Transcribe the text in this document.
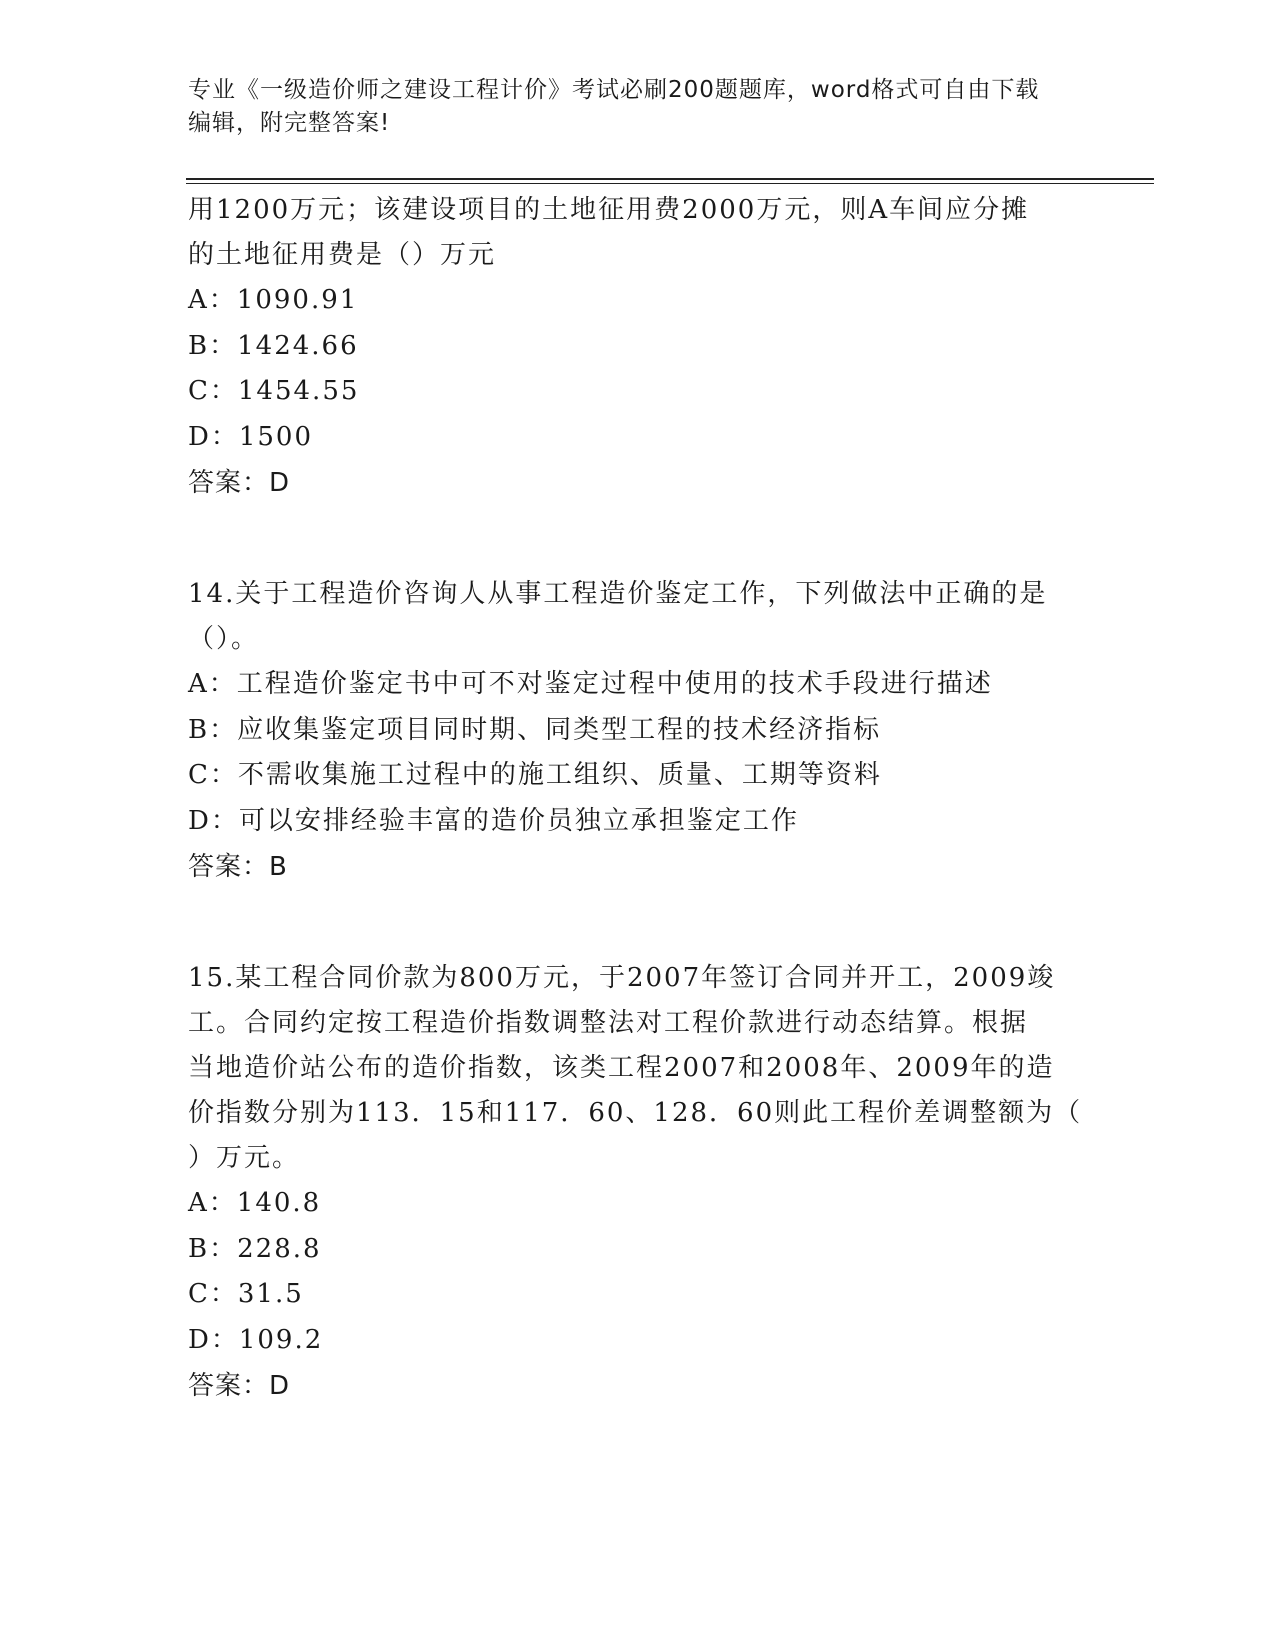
专业《一级造价师之建设工程计价》考试必刷200题题库，word格式可自由下载

编辑，附完整答案!

用1200万元；该建设项目的土地征用费2000万元，则A车间应分摊

的土地征用费是（）万元

A：1090.91

B：1424.66

C：1454.55

D：1500

答案：D

14.关于工程造价咨询人从事工程造价鉴定工作，下列做法中正确的是

（）。

A：工程造价鉴定书中可不对鉴定过程中使用的技术手段进行描述

B：应收集鉴定项目同时期、同类型工程的技术经济指标

C：不需收集施工过程中的施工组织、质量、工期等资料

D：可以安排经验丰富的造价员独立承担鉴定工作

答案：B

15.某工程合同价款为800万元，于2007年签订合同并开工，2009竣

工。合同约定按工程造价指数调整法对工程价款进行动态结算。根据

当地造价站公布的造价指数，该类工程2007和2008年、2009年的造

价指数分别为113．15和117．60、128．60则此工程价差调整额为（

）万元。

A：140.8

B：228.8

C：31.5

D：109.2

答案：D
